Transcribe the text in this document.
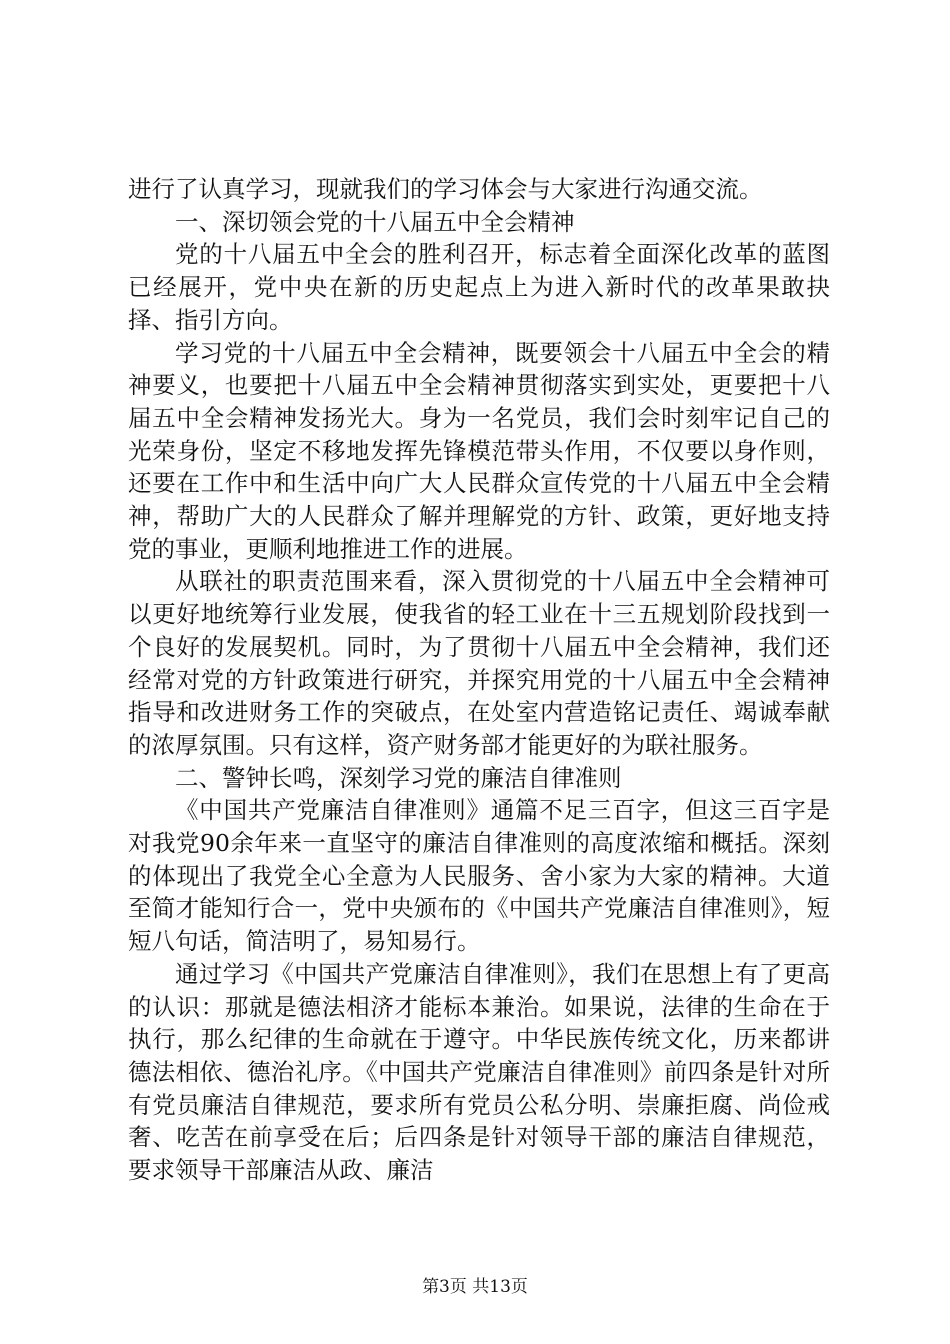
进行了认真学习，现就我们的学习体会与大家进行沟通交流。

一、深切领会党的十八届五中全会精神

党的十八届五中全会的胜利召开，标志着全面深化改革的蓝图已经展开，党中央在新的历史起点上为进入新时代的改革果敢抉择、指引方向。

学习党的十八届五中全会精神，既要领会十八届五中全会的精神要义，也要把十八届五中全会精神贯彻落实到实处，更要把十八届五中全会精神发扬光大。身为一名党员，我们会时刻牢记自己的光荣身份，坚定不移地发挥先锋模范带头作用，不仅要以身作则，还要在工作中和生活中向广大人民群众宣传党的十八届五中全会精神，帮助广大的人民群众了解并理解党的方针、政策，更好地支持党的事业，更顺利地推进工作的进展。

从联社的职责范围来看，深入贯彻党的十八届五中全会精神可以更好地统筹行业发展，使我省的轻工业在十三五规划阶段找到一个良好的发展契机。同时，为了贯彻十八届五中全会精神，我们还经常对党的方针政策进行研究，并探究用党的十八届五中全会精神指导和改进财务工作的突破点，在处室内营造铭记责任、竭诚奉献的浓厚氛围。只有这样，资产财务部才能更好的为联社服务。

二、警钟长鸣，深刻学习党的廉洁自律准则

《中国共产党廉洁自律准则》通篇不足三百字，但这三百字是对我党90余年来一直坚守的廉洁自律准则的高度浓缩和概括。深刻的体现出了我党全心全意为人民服务、舍小家为大家的精神。大道至简才能知行合一，党中央颁布的《中国共产党廉洁自律准则》，短短八句话，简洁明了，易知易行。

通过学习《中国共产党廉洁自律准则》，我们在思想上有了更高的认识：那就是德法相济才能标本兼治。如果说，法律的生命在于执行，那么纪律的生命就在于遵守。中华民族传统文化，历来都讲德法相依、德治礼序。《中国共产党廉洁自律准则》前四条是针对所有党员廉洁自律规范，要求所有党员公私分明、崇廉拒腐、尚俭戒奢、吃苦在前享受在后；后四条是针对领导干部的廉洁自律规范，要求领导干部廉洁从政、廉洁

第3页 共13页
